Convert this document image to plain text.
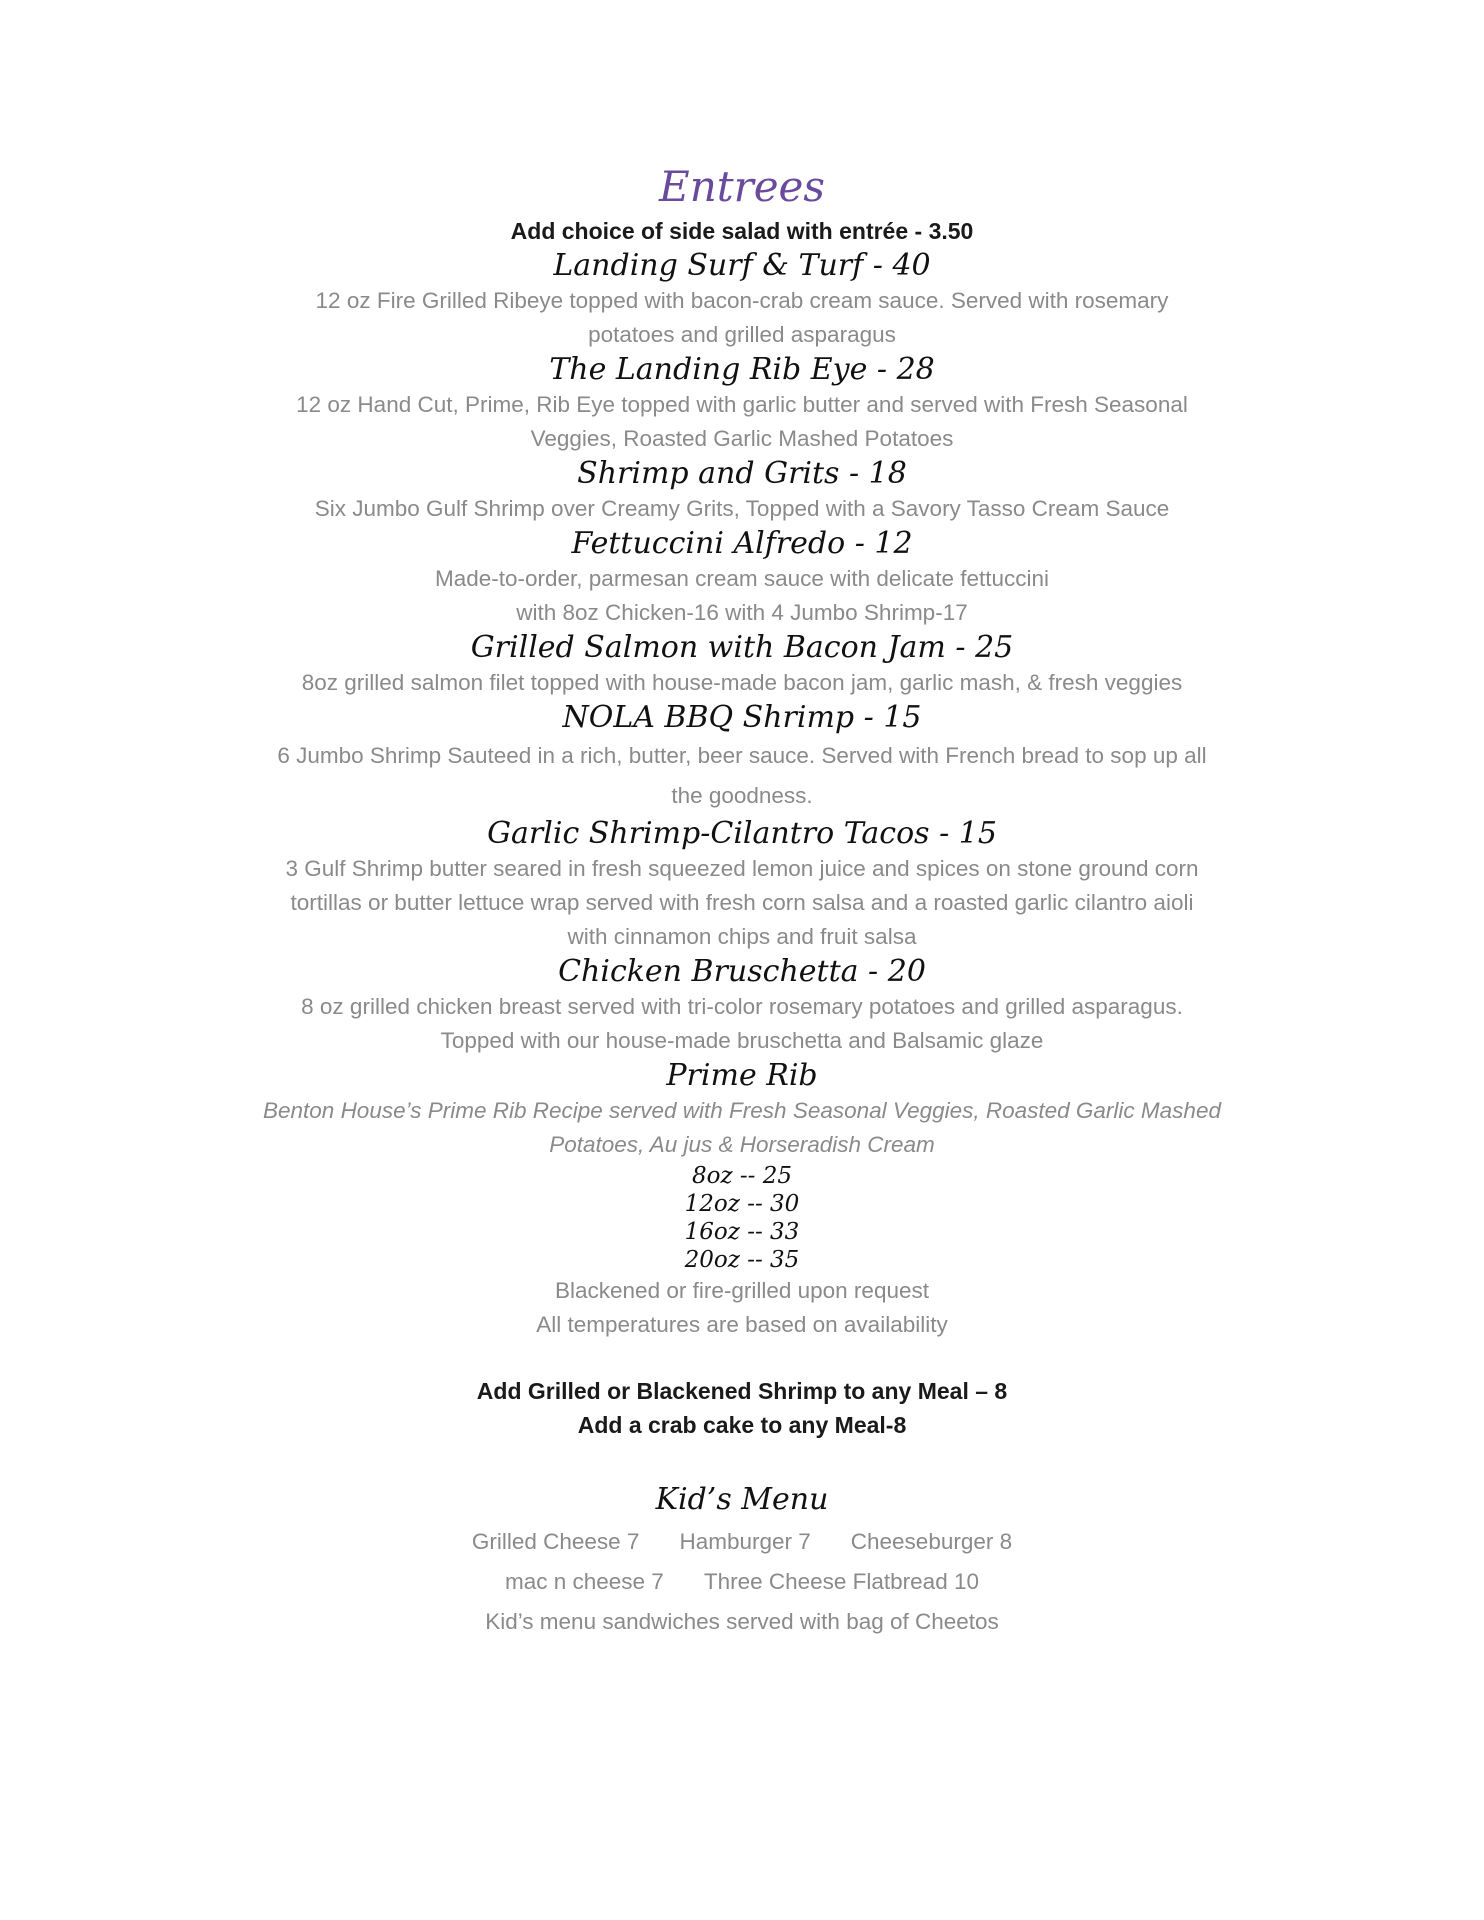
Entrees
Add choice of side salad with entrée - 3.50
Landing Surf & Turf - 40
12 oz Fire Grilled Ribeye topped with bacon-crab cream sauce. Served with rosemary
potatoes and grilled asparagus
The Landing Rib Eye - 28
12 oz Hand Cut, Prime, Rib Eye topped with garlic butter and served with Fresh Seasonal
Veggies, Roasted Garlic Mashed Potatoes
Shrimp and Grits - 18
Six Jumbo Gulf Shrimp over Creamy Grits, Topped with a Savory Tasso Cream Sauce
Fettuccini Alfredo - 12
Made-to-order, parmesan cream sauce with delicate fettuccini
with 8oz Chicken-16 with 4 Jumbo Shrimp-17
Grilled Salmon with Bacon Jam - 25
8oz grilled salmon filet topped with house-made bacon jam, garlic mash, & fresh veggies
NOLA BBQ Shrimp - 15
6 Jumbo Shrimp Sauteed in a rich, butter, beer sauce. Served with French bread to sop up all
the goodness.
Garlic Shrimp-Cilantro Tacos - 15
3 Gulf Shrimp butter seared in fresh squeezed lemon juice and spices on stone ground corn
tortillas or butter lettuce wrap served with fresh corn salsa and a roasted garlic cilantro aioli
with cinnamon chips and fruit salsa
Chicken Bruschetta - 20
8 oz grilled chicken breast served with tri-color rosemary potatoes and grilled asparagus.
Topped with our house-made bruschetta and Balsamic glaze
Prime Rib
Benton House’s Prime Rib Recipe served with Fresh Seasonal Veggies, Roasted Garlic Mashed
Potatoes, Au jus & Horseradish Cream
8oz -- 25
12oz -- 30
16oz -- 33
20oz -- 35
Blackened or fire-grilled upon request
All temperatures are based on availability
Add Grilled or Blackened Shrimp to any Meal – 8
Add a crab cake to any Meal-8
Kid’s Menu
Grilled Cheese 7 Hamburger 7 Cheeseburger 8
mac n cheese 7 Three Cheese Flatbread 10
Kid’s menu sandwiches served with bag of Cheetos
